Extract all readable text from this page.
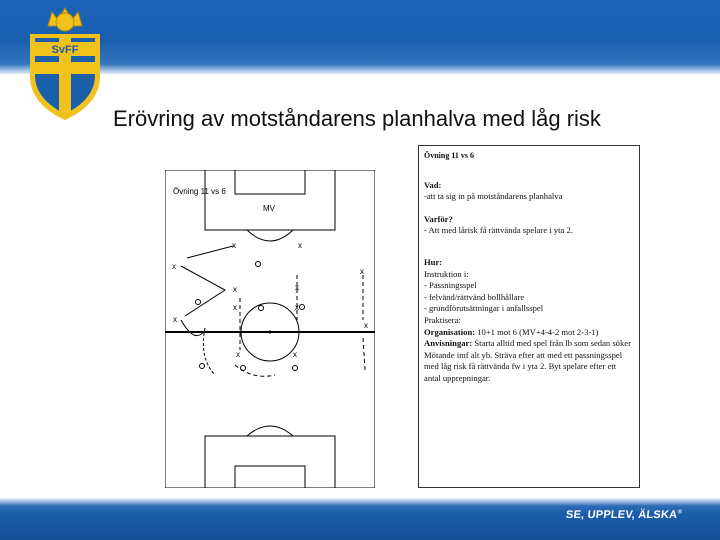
SvFF
Erövring av motståndarens planhalva med låg risk
MV
Övning 11 vs 6
x	x
x
x
x	x
x
x	x
x
x	x
Övning 11 vs 6
Vad:
-att ta sig in på motståndarens planhalva
Varför?
- Att med lårisk få rättvända spelare i yta 2.
Hur:
Instruktion i:
- Passningsspel
- felvänd/rättvänd bollhållare
- grundförutsättningar i anfallsspel
Praktisera:
Organisation: 10+1 mot 6 (MV+4-4-2 mot 2-3-1)
Anvisningar: Starta alltid med spel från lb som sedan söker Mötande imf alt yb. Sträva efter att med ett passningsspel med låg risk få rättvända fw i yta 2. Byt spelare efter ett antal upprepningar.
SE, UPPLEV, ÄLSKA®
